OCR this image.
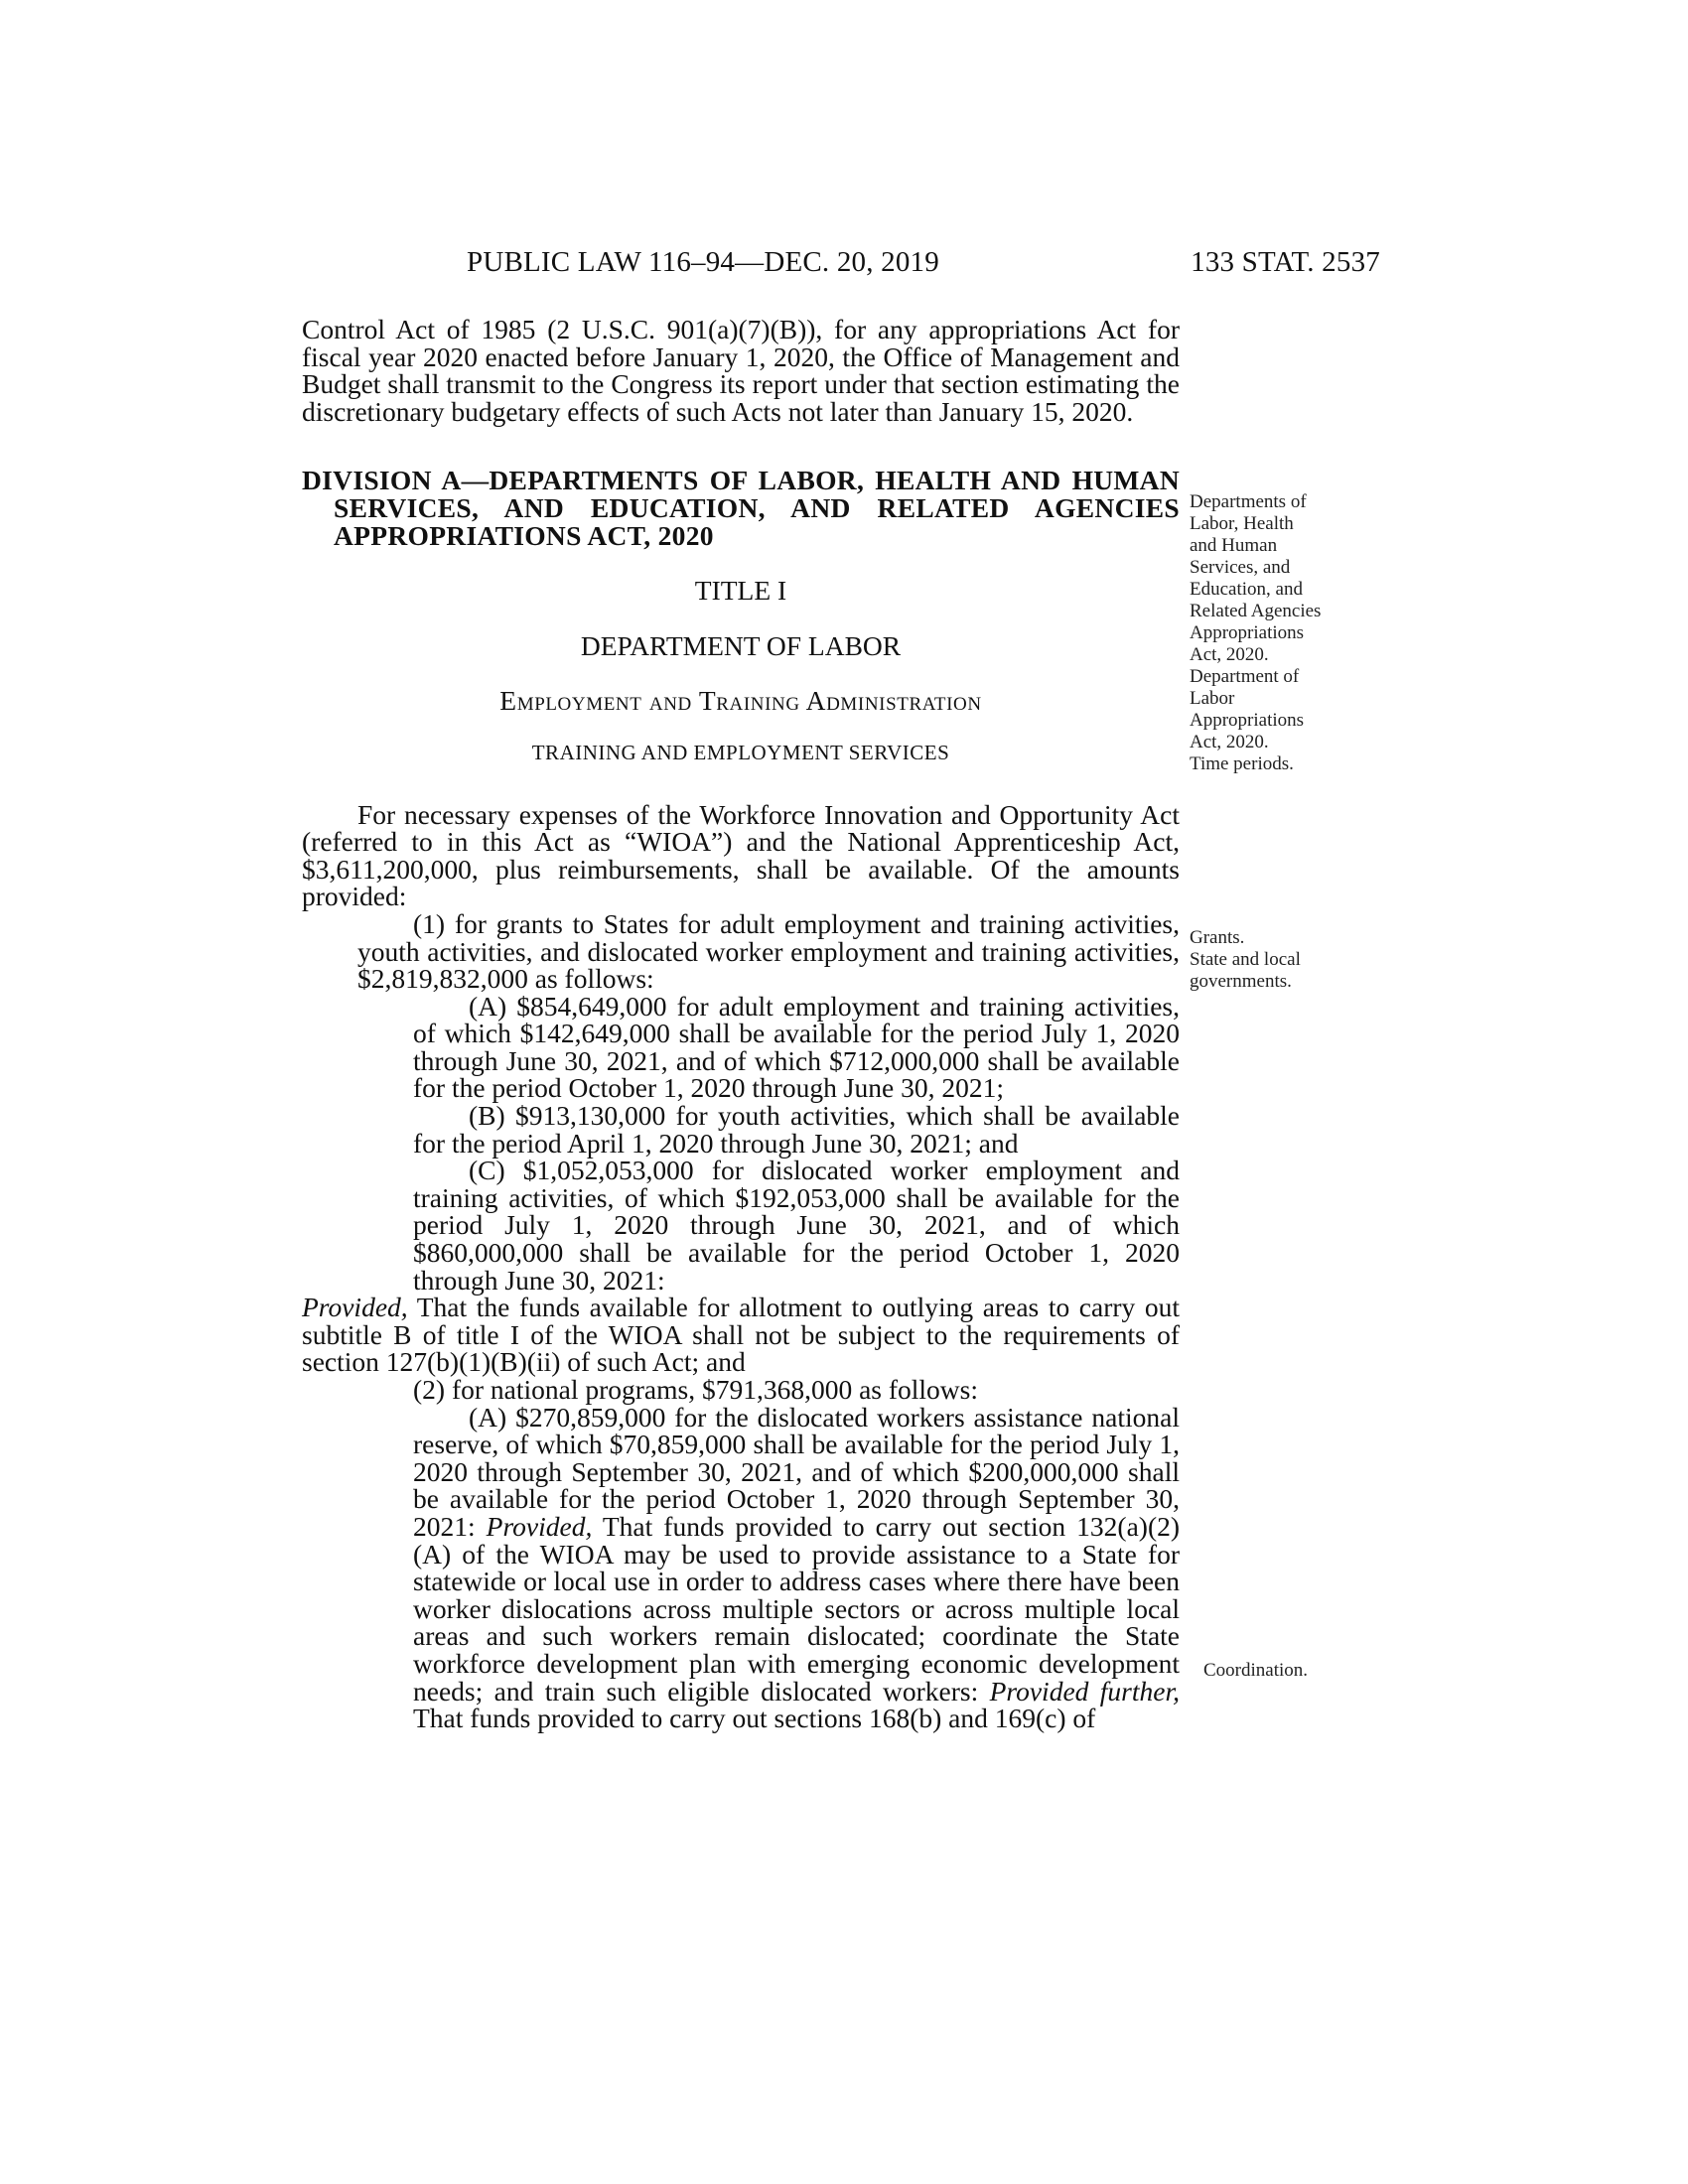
PUBLIC LAW 116–94—DEC. 20, 2019	133 STAT. 2537

Control Act of 1985 (2 U.S.C. 901(a)(7)(B)), for any appropriations Act for fiscal year 2020 enacted before January 1, 2020, the Office of Management and Budget shall transmit to the Congress its report under that section estimating the discretionary budgetary effects of such Acts not later than January 15, 2020.

DIVISION A—DEPARTMENTS OF LABOR, HEALTH AND HUMAN SERVICES, AND EDUCATION, AND RELATED AGENCIES APPROPRIATIONS ACT, 2020

TITLE I

DEPARTMENT OF LABOR

Employment and Training Administration

TRAINING AND EMPLOYMENT SERVICES

For necessary expenses of the Workforce Innovation and Opportunity Act (referred to in this Act as “WIOA”) and the National Apprenticeship Act, $3,611,200,000, plus reimbursements, shall be available. Of the amounts provided:

(1) for grants to States for adult employment and training activities, youth activities, and dislocated worker employment and training activities, $2,819,832,000 as follows:

(A) $854,649,000 for adult employment and training activities, of which $142,649,000 shall be available for the period July 1, 2020 through June 30, 2021, and of which $712,000,000 shall be available for the period October 1, 2020 through June 30, 2021;

(B) $913,130,000 for youth activities, which shall be available for the period April 1, 2020 through June 30, 2021; and

(C) $1,052,053,000 for dislocated worker employment and training activities, of which $192,053,000 shall be available for the period July 1, 2020 through June 30, 2021, and of which $860,000,000 shall be available for the period October 1, 2020 through June 30, 2021:

Provided, That the funds available for allotment to outlying areas to carry out subtitle B of title I of the WIOA shall not be subject to the requirements of section 127(b)(1)(B)(ii) of such Act; and

(2) for national programs, $791,368,000 as follows:

(A) $270,859,000 for the dislocated workers assistance national reserve, of which $70,859,000 shall be available for the period July 1, 2020 through September 30, 2021, and of which $200,000,000 shall be available for the period October 1, 2020 through September 30, 2021: Provided, That funds provided to carry out section 132(a)(2)(A) of the WIOA may be used to provide assistance to a State for statewide or local use in order to address cases where there have been worker dislocations across multiple sectors or across multiple local areas and such workers remain dislocated; coordinate the State workforce development plan with emerging economic development needs; and train such eligible dislocated workers: Provided further, That funds provided to carry out sections 168(b) and 169(c) of

Departments of
Labor, Health
and Human
Services, and
Education, and
Related Agencies
Appropriations
Act, 2020.
Department of
Labor
Appropriations
Act, 2020.
Time periods.
Grants.
State and local
governments.
Coordination.
